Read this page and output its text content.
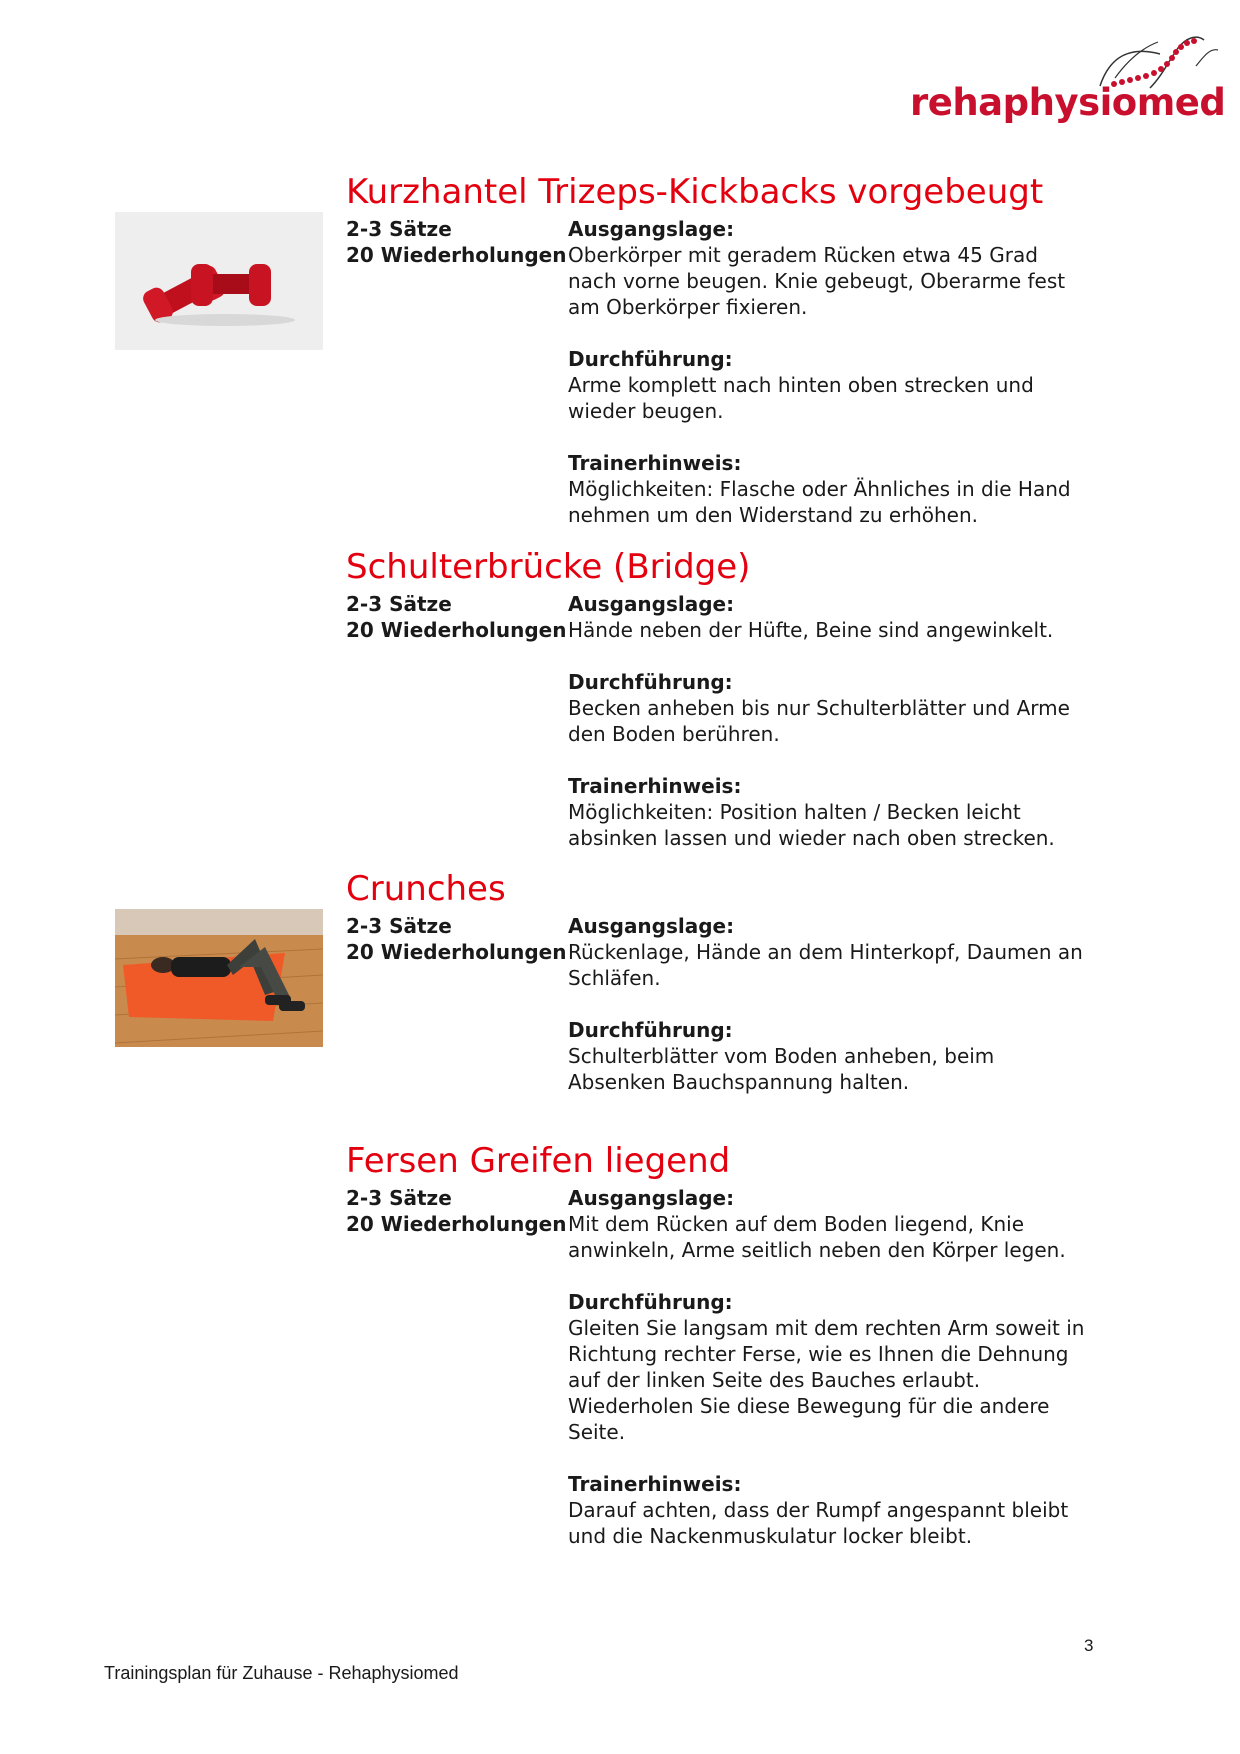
rehaphysiomed
Kurzhantel Trizeps-Kickbacks vorgebeugt
2-3 Sätze
20 Wiederholungen

Ausgangslage:

Oberkörper mit geradem Rücken etwa 45 Grad

nach vorne beugen. Knie gebeugt, Oberarme fest

am Oberkörper fixieren.

Durchführung:

Arme komplett nach hinten oben strecken und

wieder beugen.

Trainerhinweis:

Möglichkeiten: Flasche oder Ähnliches in die Hand

nehmen um den Widerstand zu erhöhen.

Schulterbrücke (Bridge)
2-3 Sätze
20 Wiederholungen

Ausgangslage:

Hände neben der Hüfte, Beine sind angewinkelt.

Durchführung:

Becken anheben bis nur Schulterblätter und Arme

den Boden berühren.

Trainerhinweis:

Möglichkeiten: Position halten / Becken leicht

absinken lassen und wieder nach oben strecken.

Crunches
2-3 Sätze
20 Wiederholungen

Ausgangslage:

Rückenlage, Hände an dem Hinterkopf, Daumen an

Schläfen.

Durchführung:

Schulterblätter vom Boden anheben, beim

Absenken Bauchspannung halten.

Fersen Greifen liegend
2-3 Sätze
20 Wiederholungen

Ausgangslage:

Mit dem Rücken auf dem Boden liegend, Knie

anwinkeln, Arme seitlich neben den Körper legen.

Durchführung:

Gleiten Sie langsam mit dem rechten Arm soweit in

Richtung rechter Ferse, wie es Ihnen die Dehnung

auf der linken Seite des Bauches erlaubt.

Wiederholen Sie diese Bewegung für die andere

Seite.

Trainerhinweis:

Darauf achten, dass der Rumpf angespannt bleibt

und die Nackenmuskulatur locker bleibt.

3
Trainingsplan für Zuhause - Rehaphysiomed
